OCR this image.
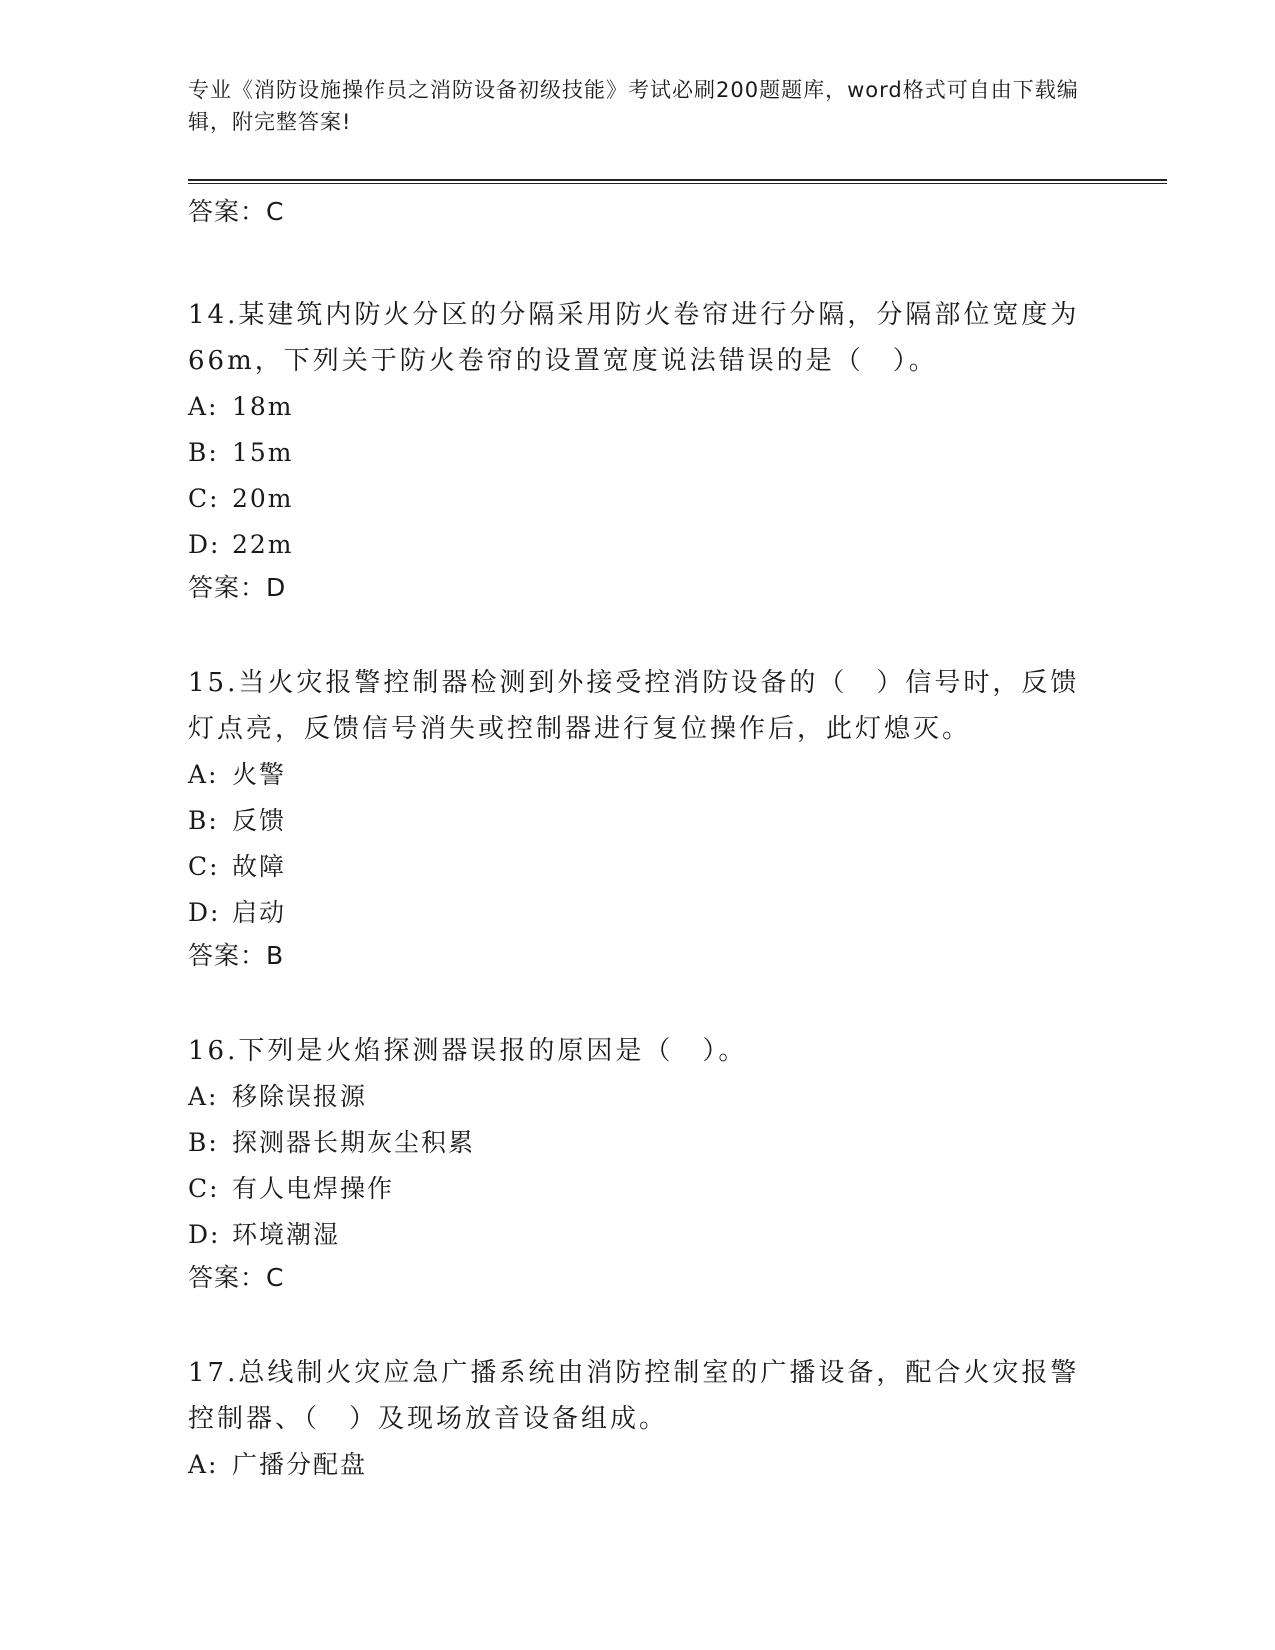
专业《消防设施操作员之消防设备初级技能》考试必刷200题题库，word格式可自由下载编辑，附完整答案!
答案：C

14.某建筑内防火分区的分隔采用防火卷帘进行分隔，分隔部位宽度为66m，下列关于防火卷帘的设置宽度说法错误的是（　）。

A: 18m
B: 15m
C: 20m
D: 22m
答案：D

15.当火灾报警控制器检测到外接受控消防设备的（　）信号时，反馈灯点亮，反馈信号消失或控制器进行复位操作后，此灯熄灭。

A: 火警
B: 反馈
C: 故障
D: 启动
答案：B

16.下列是火焰探测器误报的原因是（　）。

A: 移除误报源
B: 探测器长期灰尘积累
C: 有人电焊操作
D: 环境潮湿
答案：C

17.总线制火灾应急广播系统由消防控制室的广播设备，配合火灾报警控制器、（　）及现场放音设备组成。

A: 广播分配盘
